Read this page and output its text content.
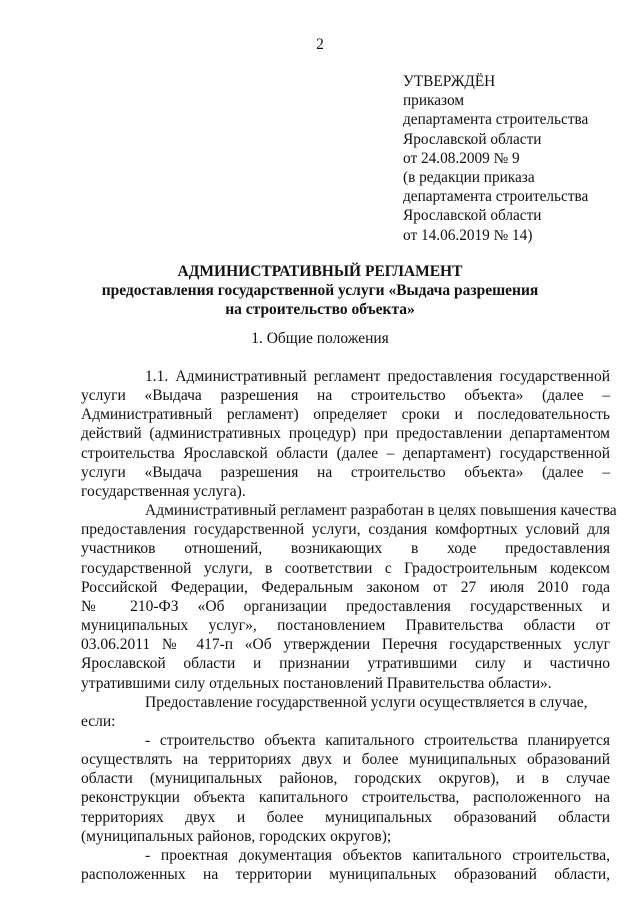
2
УТВЕРЖДЁН
приказом
департамента строительства
Ярославской области
от 24.08.2009 № 9
(в редакции приказа
департамента строительства
Ярославской области
от 14.06.2019 № 14)
АДМИНИСТРАТИВНЫЙ РЕГЛАМЕНТ
предоставления государственной услуги «Выдача разрешения
на строительство объекта»
1. Общие положения
1.1. Административный регламент предоставления государственной
услуги «Выдача разрешения на строительство объекта» (далее –
Административный регламент) определяет сроки и последовательность
действий (административных процедур) при предоставлении департаментом
строительства Ярославской области (далее – департамент) государственной
услуги «Выдача разрешения на строительство объекта» (далее –
государственная услуга).
Административный регламент разработан в целях повышения качества
предоставления государственной услуги, создания комфортных условий для
участников отношений, возникающих в ходе предоставления
государственной услуги, в соответствии с Градостроительным кодексом
Российской Федерации, Федеральным законом от 27 июля 2010 года
№ 210-ФЗ «Об организации предоставления государственных и
муниципальных услуг», постановлением Правительства области от
03.06.2011 № 417-п «Об утверждении Перечня государственных услуг
Ярославской области и признании утратившими силу и частично
утратившими силу отдельных постановлений Правительства области».
Предоставление государственной услуги осуществляется в случае,
если:
- строительство объекта капитального строительства планируется
осуществлять на территориях двух и более муниципальных образований
области (муниципальных районов, городских округов), и в случае
реконструкции объекта капитального строительства, расположенного на
территориях двух и более муниципальных образований области
(муниципальных районов, городских округов);
- проектная документация объектов капитального строительства,
расположенных на территории муниципальных образований области,
